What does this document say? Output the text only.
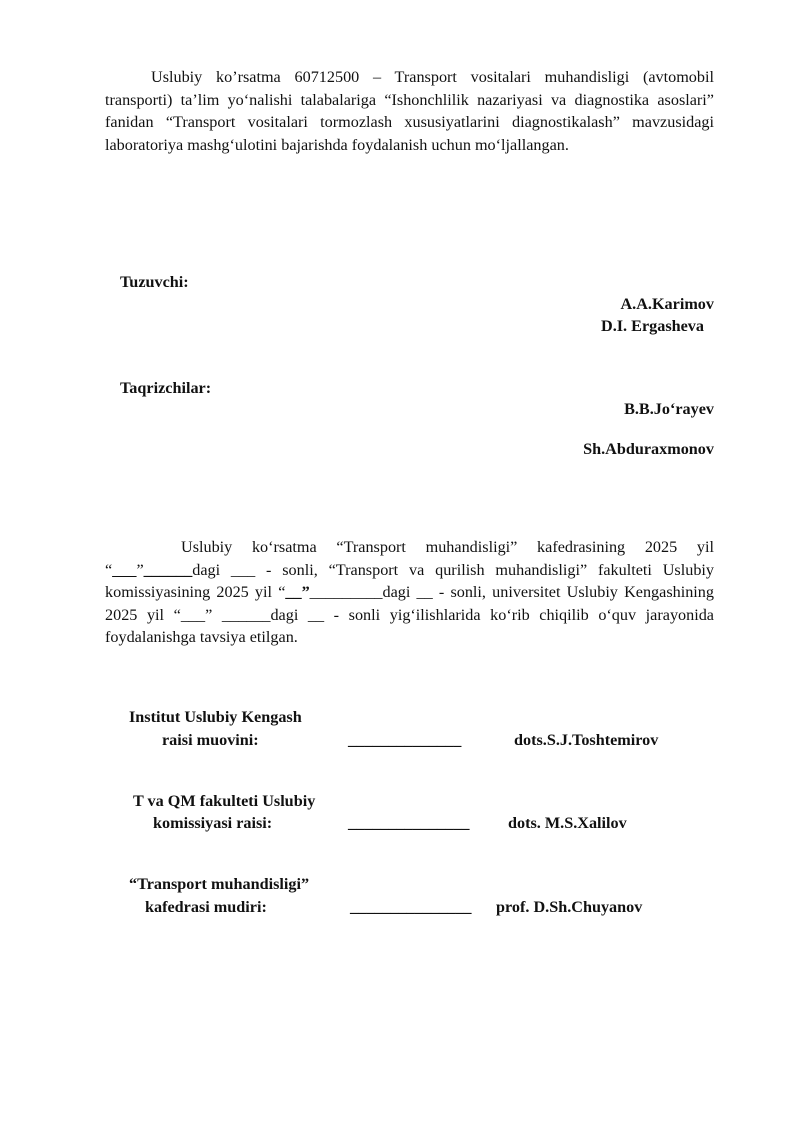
Uslubiy ko’rsatma 60712500 – Transport vositalari muhandisligi (avtomobil transporti) ta’lim yo‘nalishi talabalariga “Ishonchlilik nazariyasi va diagnostika asoslari” fanidan “Transport vositalari tormozlash xususiyatlarini diagnostikalash” mavzusidagi laboratoriya mashg‘ulotini bajarishda foydalanish uchun mo‘ljallangan.

Tuzuvchi:

A.A.Karimov

D.I. Ergasheva

Taqrizchilar:

B.B.Jo‘rayev

Sh.Abduraxmonov

Uslubiy ko‘rsatma “Transport muhandisligi” kafedrasining 2025 yil “___”______dagi ___ - sonli, “Transport va qurilish muhandisligi” fakulteti Uslubiy komissiyasining 2025 yil “__”_________dagi __ - sonli, universitet Uslubiy Kengashining 2025 yil “___” ______dagi __ - sonli yig‘ilishlarida ko‘rib chiqilib o‘quv jarayonida foydalanishga tavsiya etilgan.

Institut Uslubiy Kengash

raisi muovini:	______________	dots.S.J.Toshtemirov

T va QM fakulteti Uslubiy

komissiyasi raisi:	_______________ dots. M.S.Xalilov

“Transport muhandisligi”

kafedrasi mudiri:	_______________ prof. D.Sh.Chuyanov
